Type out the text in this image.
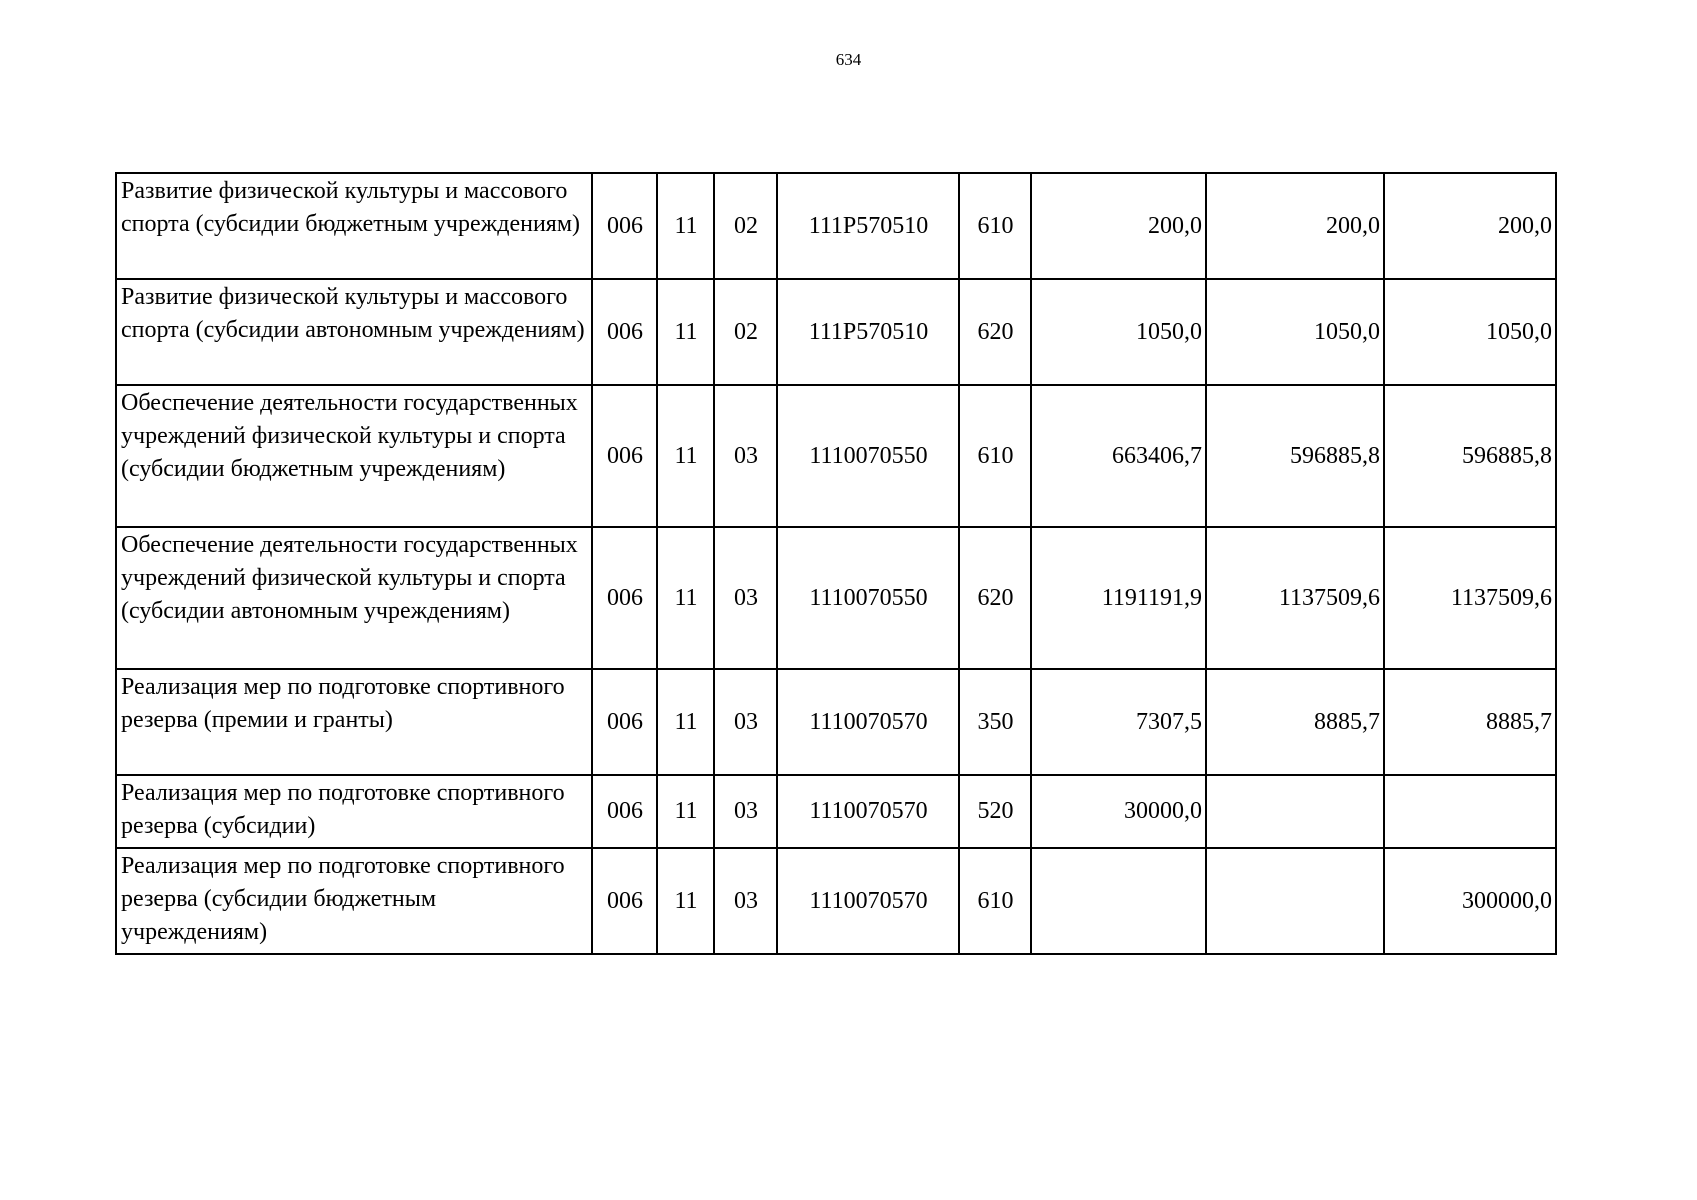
634
Развитие физической культуры и массового спорта (субсидии бюджетным учреждениям)	006	11	02	111Р570510	610	200,0	200,0	200,0
Развитие физической культуры и массового спорта (субсидии автономным учреждениям)	006	11	02	111Р570510	620	1050,0	1050,0	1050,0
Обеспечение деятельности государственных учреждений физической культуры и спорта (субсидии бюджетным учреждениям)	006	11	03	1110070550	610	663406,7	596885,8	596885,8
Обеспечение деятельности государственных учреждений физической культуры и спорта (субсидии автономным учреждениям)	006	11	03	1110070550	620	1191191,9	1137509,6	1137509,6
Реализация мер по подготовке спортивного резерва (премии и гранты)	006	11	03	1110070570	350	7307,5	8885,7	8885,7
Реализация мер по подготовке спортивного резерва (субсидии)	006	11	03	1110070570	520	30000,0		
Реализация мер по подготовке спортивного резерва (субсидии бюджетным учреждениям)	006	11	03	1110070570	610			300000,0
